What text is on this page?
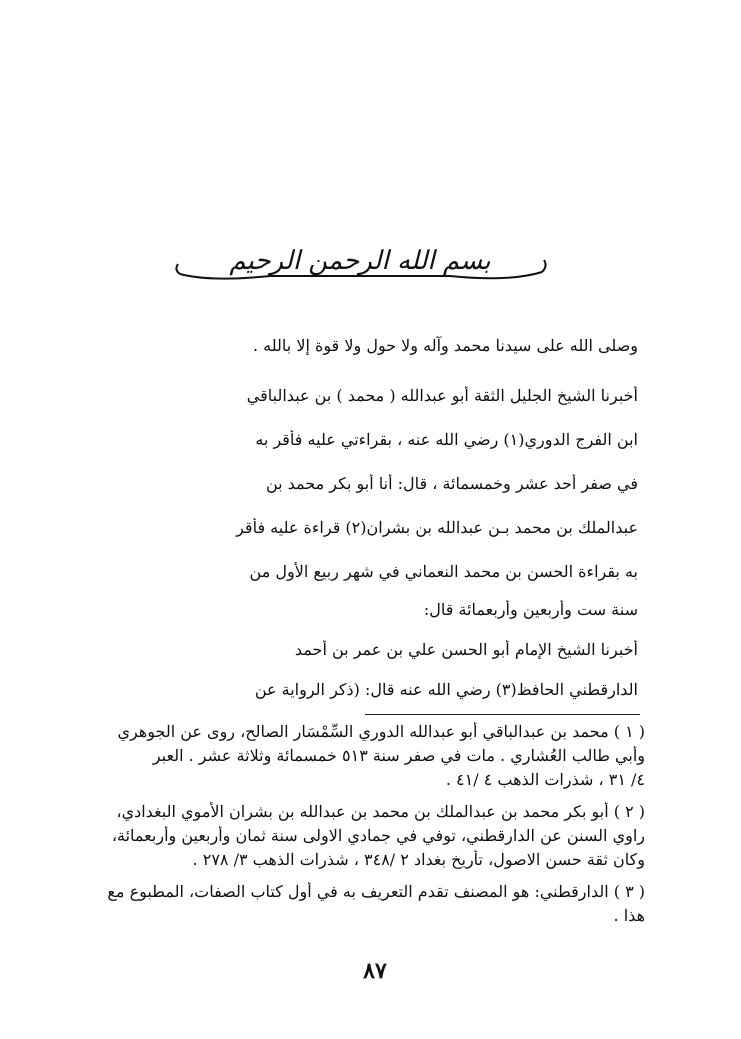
بسم الله الرحمن الرحيم
وصلى الله على سيدنا محمد وآله ولا حول ولا قوة إلا بالله .
أخبرنا الشيخ الجليل الثقة أبو عبدالله ( محمد ) بن عبدالباقي
ابن الفرج الدوري(١) رضي الله عنه ، بقراءتي عليه فأقر به
في صفر أحد عشر وخمسمائة ، قال: أنا أبو بكر محمد بن
عبدالملك بن محمد بـن عبدالله بن بشران(٢) قراءة عليه فأقر
به بقراءة الحسن بن محمد النعماني في شهر ربيع الأول من
سنة ست وأربعين وأربعمائة قال:
أخبرنا الشيخ الإمام أبو الحسن علي بن عمر بن أحمد
الدارقطني الحافظ(٣) رضي الله عنه قال: (ذكر الرواية عن
( ١ ) محمد بن عبدالباقي أبو عبدالله الدوري السِّمْسَار الصالح، روى عن الجوهري
وأبي طالب العُشاري . مات في صفر سنة ٥١٣ خمسمائة وثلاثة عشر . العبر
٤/ ٣١ ، شذرات الذهب ٤ /٤١ .
( ٢ ) أبو بكر محمد بن عبدالملك بن محمد بن عبدالله بن بشران الأموي البغدادي،
راوي السنن عن الدارقطني، توفي في جمادي الاولى سنة ثمان وأربعين وأربعمائة،
وكان ثقة حسن الاصول، تأريخ بغداد ٢ /٣٤٨ ، شذرات الذهب ٣/ ٢٧٨ .
( ٣ ) الدارقطني: هو المصنف تقدم التعريف به في أول كتاب الصفات، المطبوع مع
هذا .
٨٧
